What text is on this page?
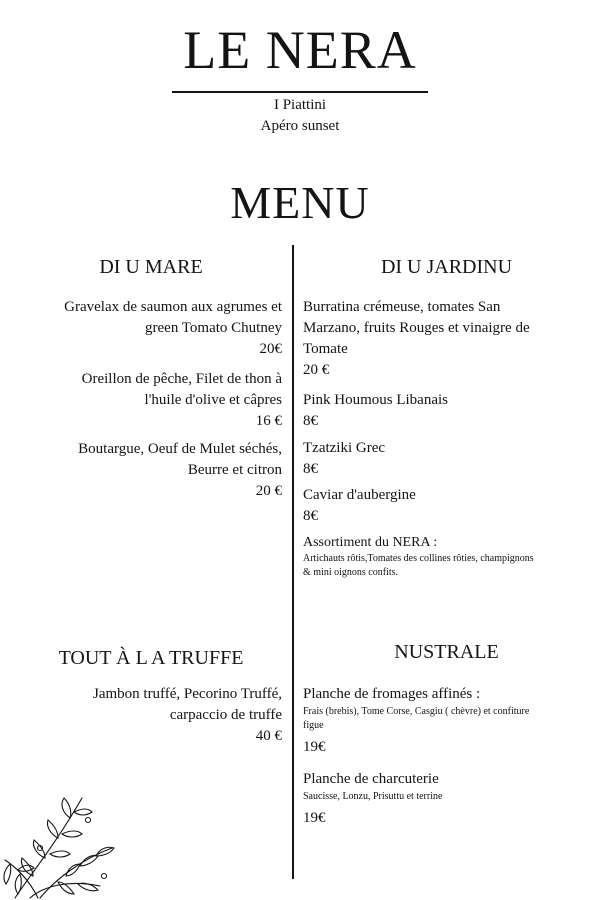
LE NERA
I Piattini
Apéro sunset
MENU
DI U MARE
Gravelax de saumon aux agrumes et
green Tomato Chutney
20€
Oreillon de pêche, Filet de thon à
l'huile d'olive et câpres
16 €
Boutargue, Oeuf de Mulet séchés,
Beurre et citron
20 €
DI U JARDINU
Burratina crémeuse, tomates San
Marzano, fruits Rouges et vinaigre de
Tomate
20 €
Pink Houmous Libanais
8€
Tzatziki Grec
8€
Caviar d'aubergine
8€
Assortiment du NERA :
Artichauts rôtis,Tomates des collines rôties, champignons
& mini oignons confits.
TOUT À L A TRUFFE
Jambon truffé, Pecorino Truffé,
carpaccio de truffe
40 €
NUSTRALE
Planche de fromages affinés :
Frais (brebis), Tome Corse, Casgiu ( chèvre) et confiture
figue
19€
Planche de charcuterie
Saucisse, Lonzu, Prisuttu et terrine
19€
